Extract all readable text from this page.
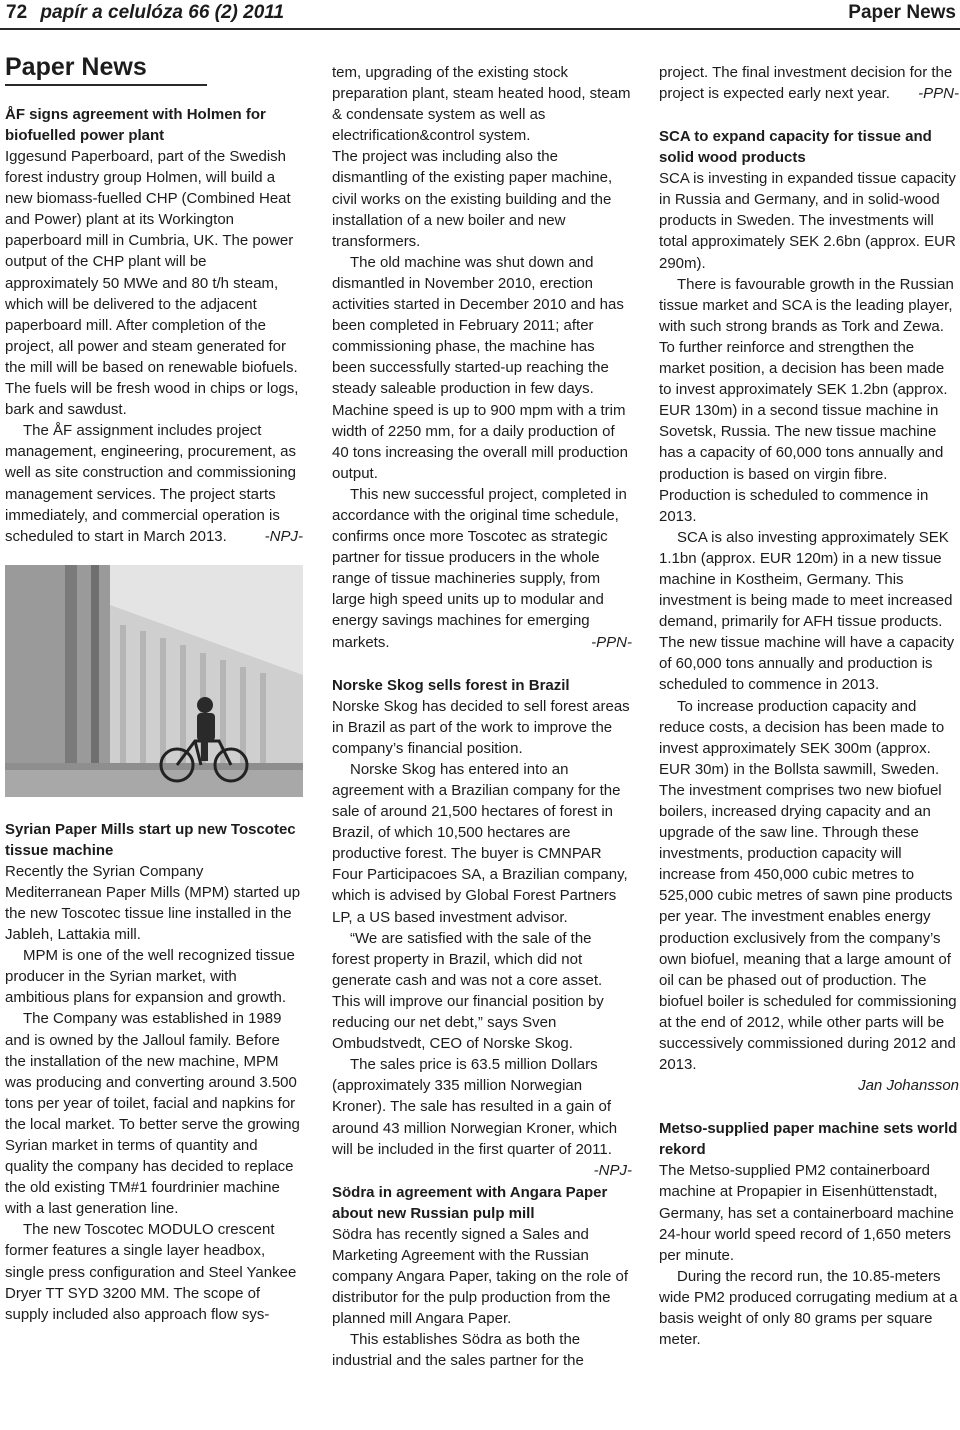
72 papír a celulóza 66 (2) 2011	Paper News
Paper News
ÅF signs agreement with Holmen for biofuelled power plant

Iggesund Paperboard, part of the Swedish forest industry group Holmen, will build a new biomass-fuelled CHP (Combined Heat and Power) plant at its Workington paperboard mill in Cumbria, UK. The power output of the CHP plant will be approximately 50 MWe and 80 t/h steam, which will be delivered to the adjacent paperboard mill. After completion of the project, all power and steam generated for the mill will be based on renewable biofuels. The fuels will be fresh wood in chips or logs, bark and sawdust.

The ÅF assignment includes project management, engineering, procurement, as well as site construction and commissioning management services. The project starts immediately, and commercial operation is scheduled to start in March 2013.	-NPJ-

Syrian Paper Mills start up new Toscotec tissue machine

Recently the Syrian Company Mediterranean Paper Mills (MPM) started up the new Toscotec tissue line installed in the Jableh, Lattakia mill.

MPM is one of the well recognized tissue producer in the Syrian market, with ambitious plans for expansion and growth.

The Company was established in 1989 and is owned by the Jalloul family. Before the installation of the new machine, MPM was producing and converting around 3.500 tons per year of toilet, facial and napkins for the local market. To better serve the growing Syrian market in terms of quantity and quality the company has decided to replace the old existing TM#1 fourdrinier machine with a last generation line.

The new Toscotec MODULO crescent former features a single layer headbox, single press configuration and Steel Yankee Dryer TT SYD 3200 MM. The scope of supply included also approach flow sys-

tem, upgrading of the existing stock preparation plant, steam heated hood, steam & condensate system as well as electrification&control system.

The project was including also the dismantling of the existing paper machine, civil works on the existing building and the installation of a new boiler and new transformers.

The old machine was shut down and dismantled in November 2010, erection activities started in December 2010 and has been completed in February 2011; after commissioning phase, the machine has been successfully started-up reaching the steady saleable production in few days.

Machine speed is up to 900 mpm with a trim width of 2250 mm, for a daily production of 40 tons increasing the overall mill production output.

This new successful project, completed in accordance with the original time schedule, confirms once more Toscotec as strategic partner for tissue producers in the whole range of tissue machineries supply, from large high speed units up to modular and energy savings machines for emerging markets.	-PPN-

Norske Skog sells forest in Brazil

Norske Skog has decided to sell forest areas in Brazil as part of the work to improve the company’s financial position.

Norske Skog has entered into an agreement with a Brazilian company for the sale of around 21,500 hectares of forest in Brazil, of which 10,500 hectares are productive forest. The buyer is CMNPAR Four Participacoes SA, a Brazilian company, which is advised by Global Forest Partners LP, a US based investment advisor.

“We are satisfied with the sale of the forest property in Brazil, which did not generate cash and was not a core asset. This will improve our financial position by reducing our net debt,” says Sven Ombudstvedt, CEO of Norske Skog.

The sales price is 63.5 million Dollars (approximately 335 million Norwegian Kroner). The sale has resulted in a gain of around 43 million Norwegian Kroner, which will be included in the first quarter of 2011.
-NPJ-

Södra in agreement with Angara Paper about new Russian pulp mill

Södra has recently signed a Sales and Marketing Agreement with the Russian company Angara Paper, taking on the role of distributor for the pulp production from the planned mill Angara Paper.

This establishes Södra as both the industrial and the sales partner for the

project. The final investment decision for the project is expected early next year. -PPN-

SCA to expand capacity for tissue and solid wood products

SCA is investing in expanded tissue capacity in Russia and Germany, and in solid-wood products in Sweden. The investments will total approximately SEK 2.6bn (approx. EUR 290m).

There is favourable growth in the Russian tissue market and SCA is the leading player, with such strong brands as Tork and Zewa. To further reinforce and strengthen the market position, a decision has been made to invest approximately SEK 1.2bn (approx. EUR 130m) in a second tissue machine in Sovetsk, Russia. The new tissue machine has a capacity of 60,000 tons annually and production is based on virgin fibre. Production is scheduled to commence in 2013.

SCA is also investing approximately SEK 1.1bn (approx. EUR 120m) in a new tissue machine in Kostheim, Germany. This investment is being made to meet increased demand, primarily for AFH tissue products. The new tissue machine will have a capacity of 60,000 tons annually and production is scheduled to commence in 2013.

To increase production capacity and reduce costs, a decision has been made to invest approximately SEK 300m (approx. EUR 30m) in the Bollsta sawmill, Sweden. The investment comprises two new biofuel boilers, increased drying capacity and an upgrade of the saw line. Through these investments, production capacity will increase from 450,000 cubic metres to 525,000 cubic metres of sawn pine products per year. The investment enables energy production exclusively from the company’s own biofuel, meaning that a large amount of oil can be phased out of production. The biofuel boiler is scheduled for commissioning at the end of 2012, while other parts will be successively commissioned during 2012 and 2013.

Jan Johansson
Metso-supplied paper machine sets world rekord

The Metso-supplied PM2 containerboard machine at Propapier in Eisenhüttenstadt, Germany, has set a containerboard machine 24-hour world speed record of 1,650 meters per minute.

During the record run, the 10.85-meters wide PM2 produced corrugating medium at a basis weight of only 80 grams per square meter.
